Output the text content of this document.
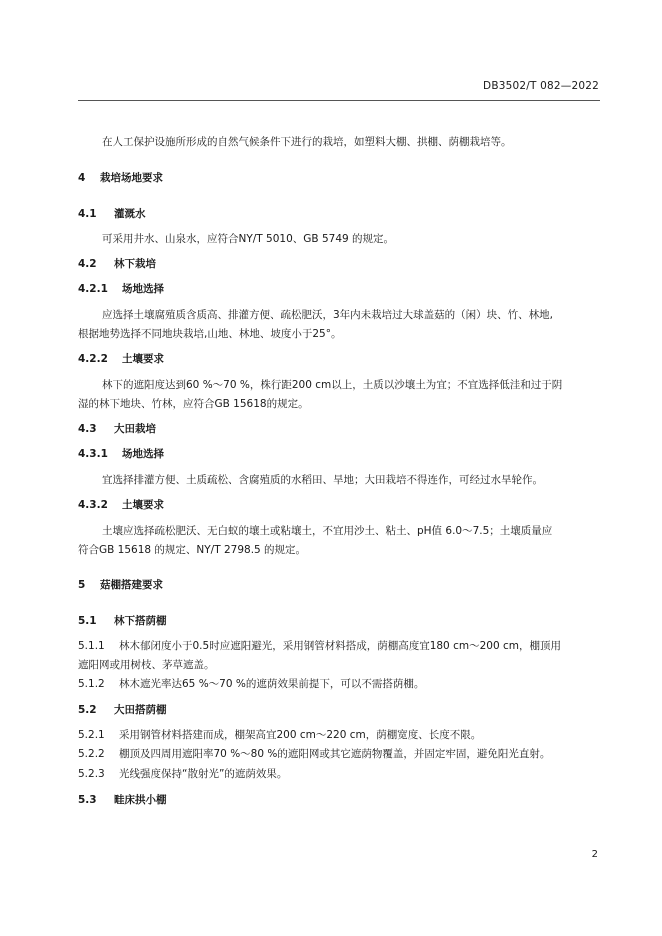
DB3502/T 082—2022
在人工保护设施所形成的自然气候条件下进行的栽培，如塑料大棚、拱棚、荫棚栽培等。
4 栽培场地要求
4.1 灌溉水
可采用井水、山泉水，应符合NY/T 5010、GB 5749 的规定。
4.2 林下栽培
4.2.1 场地选择
应选择土壤腐殖质含质高、排灌方便、疏松肥沃，3年内未栽培过大球盖菇的（闲）块、竹、林地,
根据地势选择不同地块栽培,山地、林地、坡度小于25°。
4.2.2 土壤要求
林下的遮阳度达到60 %～70 %，株行距200 cm以上，土质以沙壤土为宜；不宜选择低洼和过于阴
湿的林下地块、竹林，应符合GB 15618的规定。
4.3 大田栽培
4.3.1 场地选择
宜选择排灌方便、土质疏松、含腐殖质的水稻田、旱地；大田栽培不得连作，可经过水旱轮作。
4.3.2 土壤要求
土壤应选择疏松肥沃、无白蚁的壤土或粘壤土，不宜用沙土、粘土、pH值 6.0～7.5；土壤质量应
符合GB 15618 的规定、NY/T 2798.5 的规定。
5 菇棚搭建要求
5.1 林下搭荫棚
5.1.1 林木郁闭度小于0.5时应遮阳避光，采用钢管材料搭成，荫棚高度宜180 cm～200 cm，棚顶用
遮阳网或用树枝、茅草遮盖。
5.1.2 林木遮光率达65 %～70 %的遮荫效果前提下，可以不需搭荫棚。
5.2 大田搭荫棚
5.2.1 采用钢管材料搭建而成，棚架高宜200 cm～220 cm，荫棚宽度、长度不限。
5.2.2 棚顶及四周用遮阳率70 %～80 %的遮阳网或其它遮荫物覆盖，并固定牢固，避免阳光直射。
5.2.3 光线强度保持“散射光”的遮荫效果。
5.3 畦床拱小棚
2
